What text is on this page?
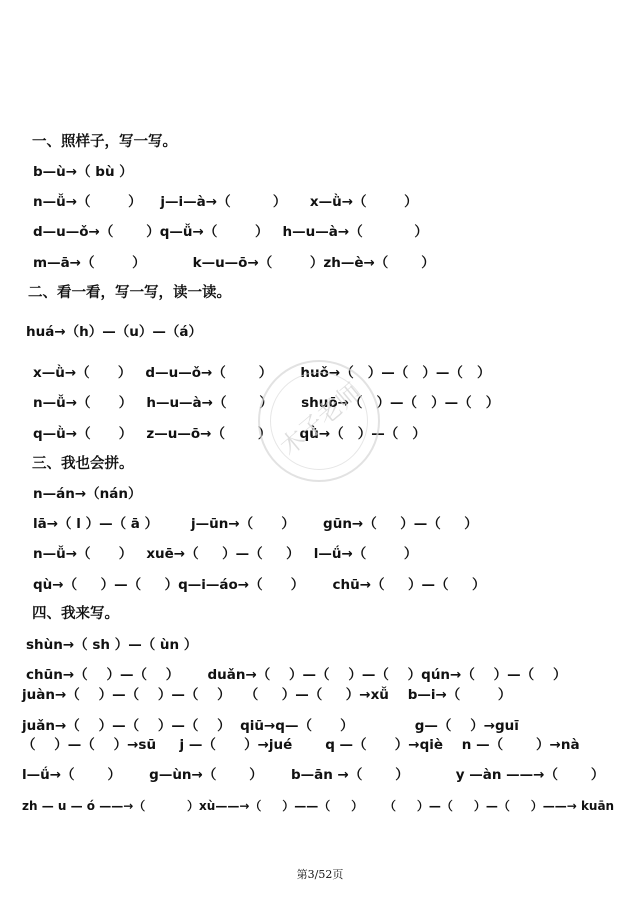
一、照样子，写一写。
b—ù→（ bù ）
n—ǚ→（        ）    j—i—à→（         ）     x—ǜ→（        ）
d—u—ǒ→（       ）q—ǚ→（        ）   h—u—à→（           ）
m—ā→（        ）          k—u—ō→（        ）zh—è→（       ）
二、看一看，写一写，读一读。
huá→（h）—（u）—（á）
x—ǜ→（      ）   d—u—ǒ→（       ）      huǒ→（   ）—（   ）—（   ）
n—ǚ→（      ）   h—u—à→（       ）      shuō→（   ）—（   ）—（   ）
q—ǜ→（      ）   z—u—ō→（       ）      qǜ→（   ）—（   ）
三、我也会拼。
n—án→（nán）
lā→（ l ）—（ ā ）       j—ūn→（      ）      gūn→（     ）—（     ）
n—ǚ→（      ）   xuē→（     ）—（     ）   l—ǘ→（        ）
qù→（     ）—（     ）q—i—áo→（      ）      chū→（     ）—（     ）
四、我来写。
shùn→（ sh ）—（ ùn ）
chūn→（    ）—（    ）      duǎn→（    ）—（    ）—（    ）qún→（    ）—（    ）
juàn→（    ）—（    ）—（    ）   （     ）—（     ）→xǚ    b—i→（        ）
juǎn→（    ）—（    ）—（    ）  qiū→q—（      ）             g—（    ）→guī
（    ）—（    ）→sū     j —（      ）→jué       q —（      ）→qiè    n —（       ）→nà
l—ǘ→（       ）      g—ùn→（       ）      b—ān →（       ）          y —àn ——→（       ）
zh — u — ó ——→（          ）xù——→（     ）——（     ）     （     ）—（     ）—（     ）——→ kuān
木子老师
第3/52页
